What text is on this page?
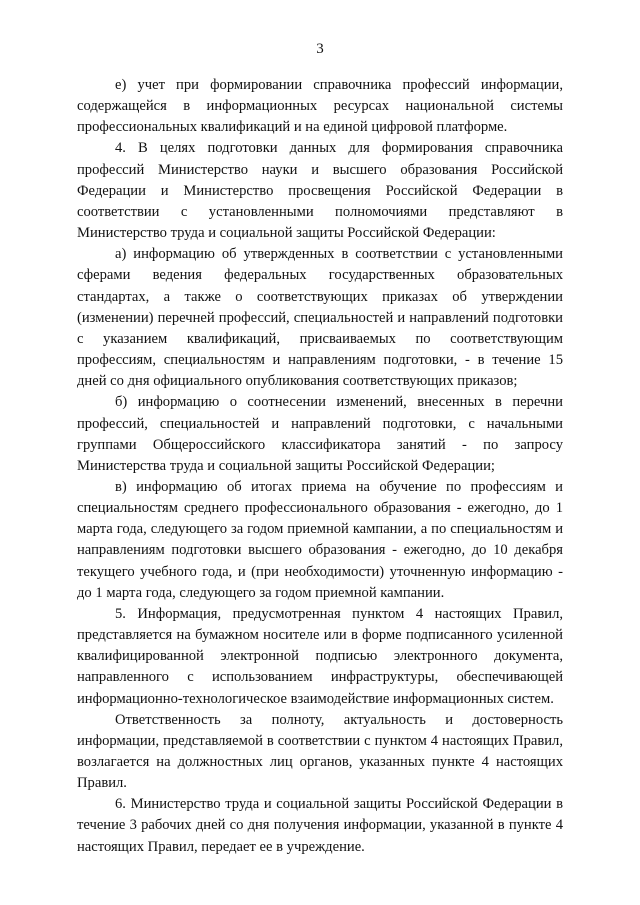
3

е) учет при формировании справочника профессий информации, содержащейся в информационных ресурсах национальной системы профессиональных квалификаций и на единой цифровой платформе.

4. В целях подготовки данных для формирования справочника профессий Министерство науки и высшего образования Российской Федерации и Министерство просвещения Российской Федерации в соответствии с установленными полномочиями представляют в Министерство труда и социальной защиты Российской Федерации:

а) информацию об утвержденных в соответствии с установленными сферами ведения федеральных государственных образовательных стандартах, а также о соответствующих приказах об утверждении (изменении) перечней профессий, специальностей и направлений подготовки с указанием квалификаций, присваиваемых по соответствующим профессиям, специальностям и направлениям подготовки, - в течение 15 дней со дня официального опубликования соответствующих приказов;

б) информацию о соотнесении изменений, внесенных в перечни профессий, специальностей и направлений подготовки, с начальными группами Общероссийского классификатора занятий - по запросу Министерства труда и социальной защиты Российской Федерации;

в) информацию об итогах приема на обучение по профессиям и специальностям среднего профессионального образования - ежегодно, до 1 марта года, следующего за годом приемной кампании, а по специальностям и направлениям подготовки высшего образования - ежегодно, до 10 декабря текущего учебного года, и (при необходимости) уточненную информацию - до 1 марта года, следующего за годом приемной кампании.

5. Информация, предусмотренная пунктом 4 настоящих Правил, представляется на бумажном носителе или в форме подписанного усиленной квалифицированной электронной подписью электронного документа, направленного с использованием инфраструктуры, обеспечивающей информационно-технологическое взаимодействие информационных систем.

Ответственность за полноту, актуальность и достоверность информации, представляемой в соответствии с пунктом 4 настоящих Правил, возлагается на должностных лиц органов, указанных пункте 4 настоящих Правил.

6. Министерство труда и социальной защиты Российской Федерации в течение 3 рабочих дней со дня получения информации, указанной в пункте 4 настоящих Правил, передает ее в учреждение.
